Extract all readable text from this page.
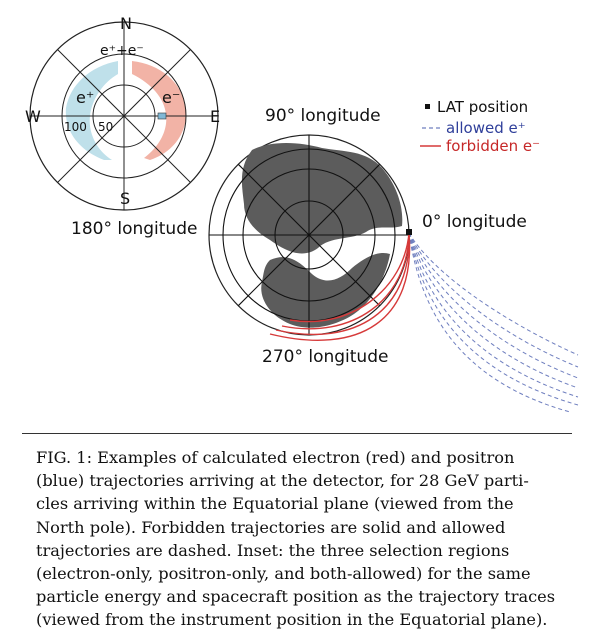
N
S
W	E
e⁺+e⁻
e⁺	e⁻
100 50
90° longitude
0° longitude
180° longitude
270° longitude
LAT position
allowed e⁺
forbidden e⁻
FIG. 1: Examples of calculated electron (red) and positron
(blue) trajectories arriving at the detector, for 28 GeV parti-
cles arriving within the Equatorial plane (viewed from the
North pole). Forbidden trajectories are solid and allowed
trajectories are dashed. Inset: the three selection regions
(electron-only, positron-only, and both-allowed) for the same
particle energy and spacecraft position as the trajectory traces
(viewed from the instrument position in the Equatorial plane).
